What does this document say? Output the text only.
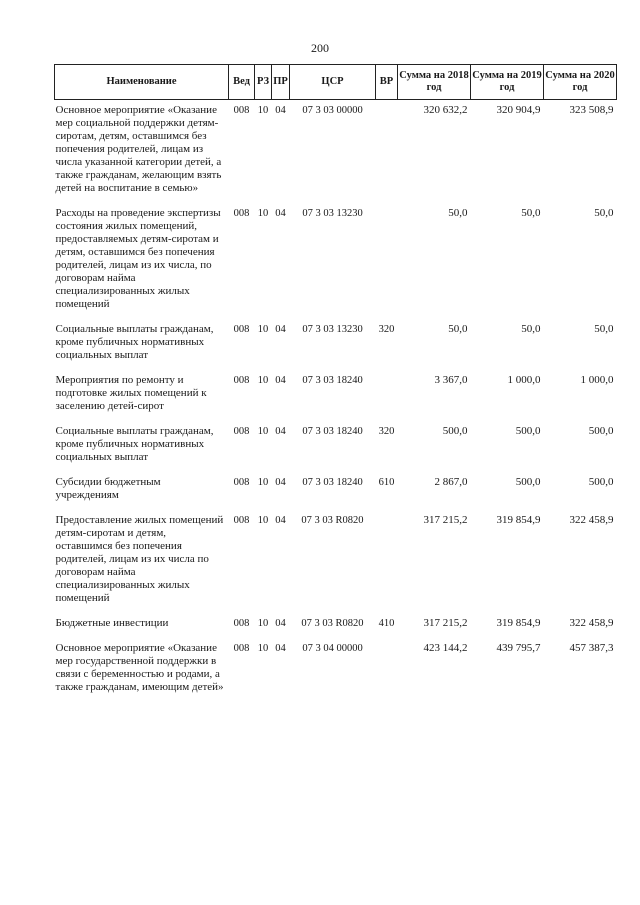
200
Наименование	Вед	РЗ	ПР	ЦСР	ВР	Сумма на 2018 год	Сумма на 2019 год	Сумма на 2020 год
Основное мероприятие «Оказание мер социальной поддержки детям-сиротам, детям, оставшимся без попечения родителей, лицам из числа указанной категории детей, а также гражданам, желающим взять детей на воспитание в семью»	008	10	04	07 3 03 00000		320 632,2	320 904,9	323 508,9
Расходы на проведение экспертизы состояния жилых помещений, предоставляемых детям-сиротам и детям, оставшимся без попечения родителей, лицам из их числа, по договорам найма специализированных жилых помещений	008	10	04	07 3 03 13230		50,0	50,0	50,0
Социальные выплаты гражданам, кроме публичных нормативных социальных выплат	008	10	04	07 3 03 13230	320	50,0	50,0	50,0
Мероприятия по ремонту и подготовке жилых помещений к заселению детей-сирот	008	10	04	07 3 03 18240		3 367,0	1 000,0	1 000,0
Социальные выплаты гражданам, кроме публичных нормативных социальных выплат	008	10	04	07 3 03 18240	320	500,0	500,0	500,0
Субсидии бюджетным учреждениям	008	10	04	07 3 03 18240	610	2 867,0	500,0	500,0
Предоставление жилых помещений детям-сиротам и детям, оставшимся без попечения родителей, лицам из их числа по договорам найма специализированных жилых помещений	008	10	04	07 3 03 R0820		317 215,2	319 854,9	322 458,9
Бюджетные инвестиции	008	10	04	07 3 03 R0820	410	317 215,2	319 854,9	322 458,9
Основное мероприятие «Оказание мер государственной поддержки в связи с беременностью и родами, а также гражданам, имеющим детей»	008	10	04	07 3 04 00000		423 144,2	439 795,7	457 387,3
